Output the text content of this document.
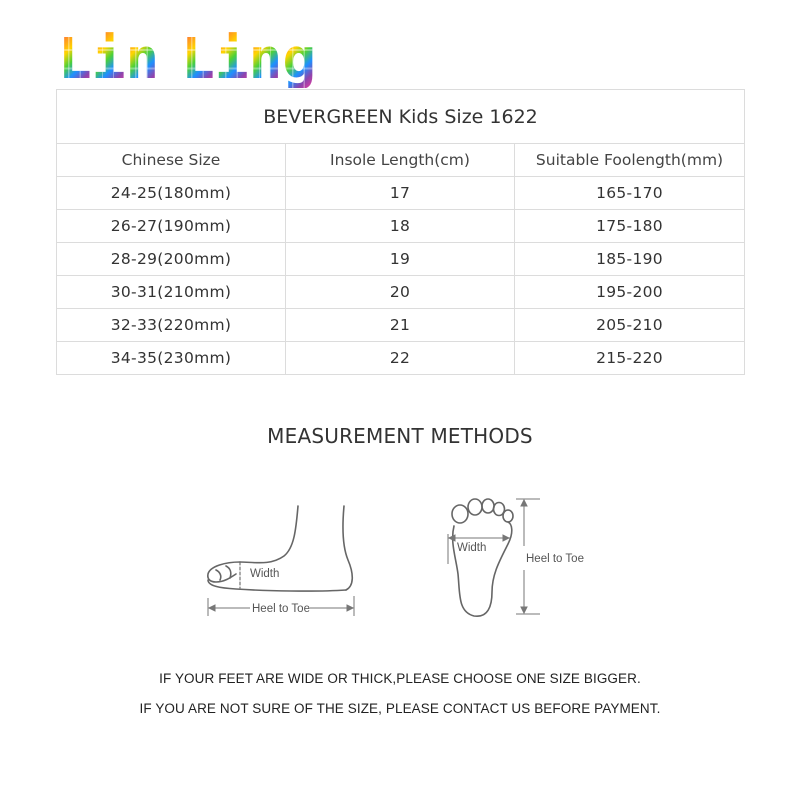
L i n L i n g
BEVERGREEN Kids Size 1622		
Chinese Size	Insole Length(cm)	Suitable Foolength(mm)
24-25(180mm)	17	165-170
26-27(190mm)	18	175-180
28-29(200mm)	19	185-190
30-31(210mm)	20	195-200
32-33(220mm)	21	205-210
34-35(230mm)	22	215-220
MEASUREMENT METHODS
Width
Heel to Toe
Width
Heel to Toe
IF YOUR FEET ARE WIDE OR THICK,PLEASE CHOOSE ONE SIZE BIGGER.
IF YOU ARE NOT SURE OF THE SIZE, PLEASE CONTACT US BEFORE PAYMENT.
